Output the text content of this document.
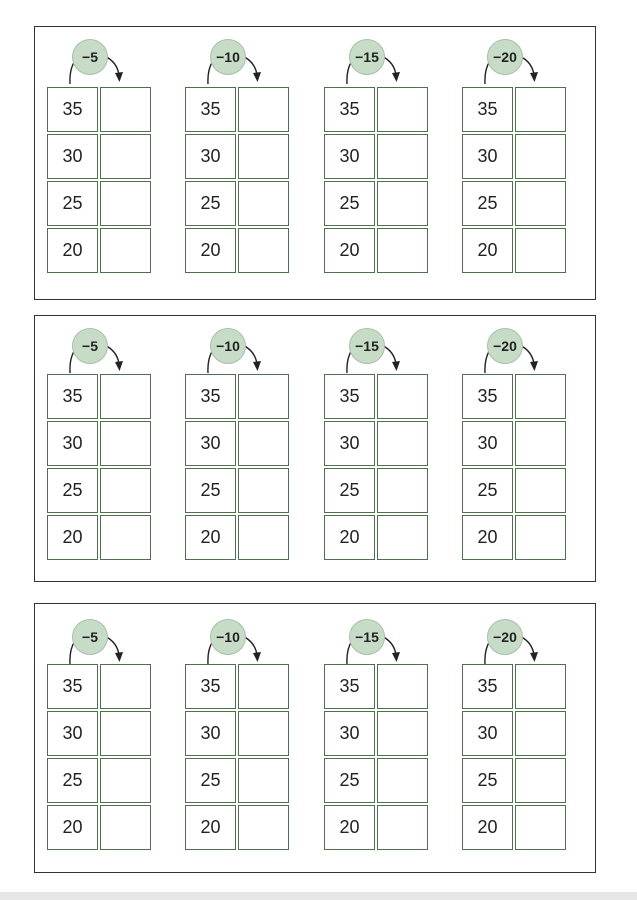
−5
35
30
25
20
−10
35
30
25
20
−15
35
30
25
20
−20
35
30
25
20
−5
35
30
25
20
−10
35
30
25
20
−15
35
30
25
20
−20
35
30
25
20
−5
35
30
25
20
−10
35
30
25
20
−15
35
30
25
20
−20
35
30
25
20
